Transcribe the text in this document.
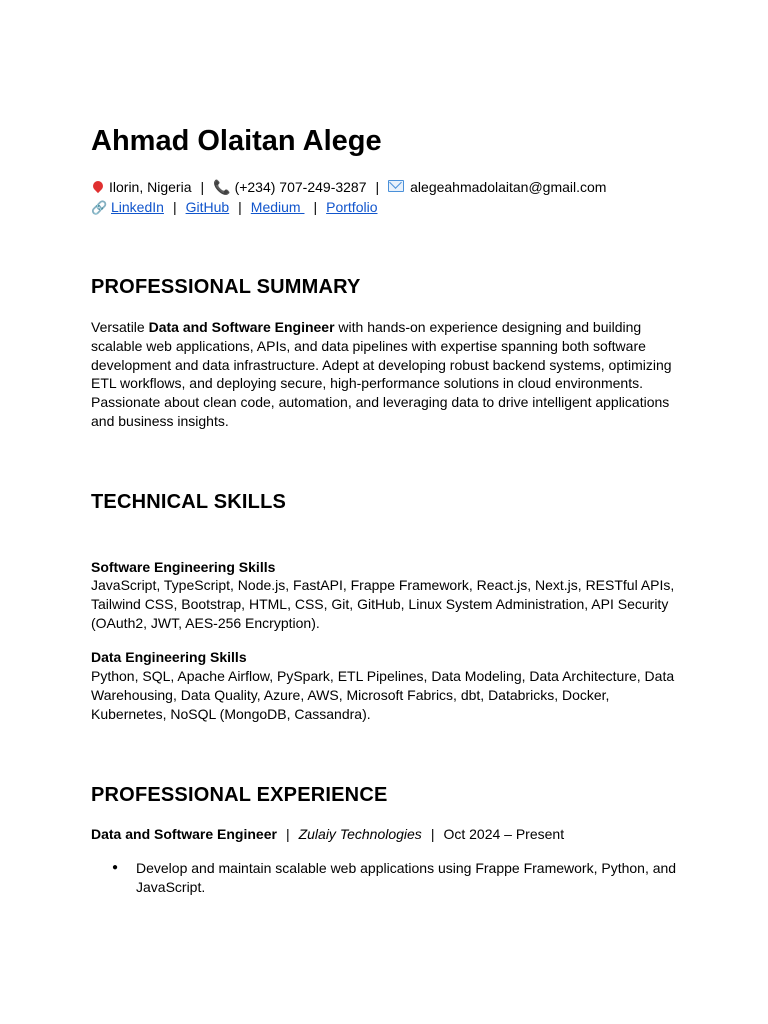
Ahmad Olaitan Alege
Ilorin, Nigeria | 📞 (+234) 707-249-3287 | alegeahmadolaitan@gmail.com
🔗 LinkedIn | GitHub | Medium | Portfolio
PROFESSIONAL SUMMARY

Versatile Data and Software Engineer with hands-on experience designing and building scalable web applications, APIs, and data pipelines with expertise spanning both software development and data infrastructure. Adept at developing robust backend systems, optimizing ETL workflows, and deploying secure, high-performance solutions in cloud environments. Passionate about clean code, automation, and leveraging data to drive intelligent applications and business insights.

TECHNICAL SKILLS

Software Engineering Skills

JavaScript, TypeScript, Node.js, FastAPI, Frappe Framework, React.js, Next.js, RESTful APIs, Tailwind CSS, Bootstrap, HTML, CSS, Git, GitHub, Linux System Administration, API Security (OAuth2, JWT, AES-256 Encryption).

Data Engineering Skills

Python, SQL, Apache Airflow, PySpark, ETL Pipelines, Data Modeling, Data Architecture, Data Warehousing, Data Quality, Azure, AWS, Microsoft Fabrics, dbt, Databricks, Docker, Kubernetes, NoSQL (MongoDB, Cassandra).

PROFESSIONAL EXPERIENCE
Data and Software Engineer | Zulaiy Technologies | Oct 2024 – Present
● Develop and maintain scalable web applications using Frappe Framework, Python, and JavaScript.
